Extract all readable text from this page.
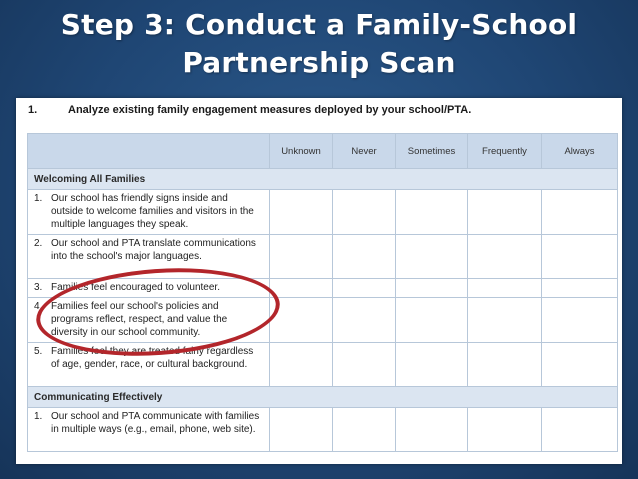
Step 3: Conduct a Family-School
Partnership Scan
1.	Analyze existing family engagement measures deployed by your school/PTA.
	Unknown	Never	Sometimes	Frequently	Always
Welcoming All Families					
1. Our school has friendly signs inside and outside to welcome families and visitors in the multiple languages they speak.					
2. Our school and PTA translate communications into the school's major languages.					
3. Families feel encouraged to volunteer.					
4. Families feel our school's policies and programs reflect, respect, and value the diversity in our school community.					
5. Families feel they are treated fairly regardless of age, gender, race, or cultural background.					
Communicating Effectively					
1. Our school and PTA communicate with families in multiple ways (e.g., email, phone, web site).					
